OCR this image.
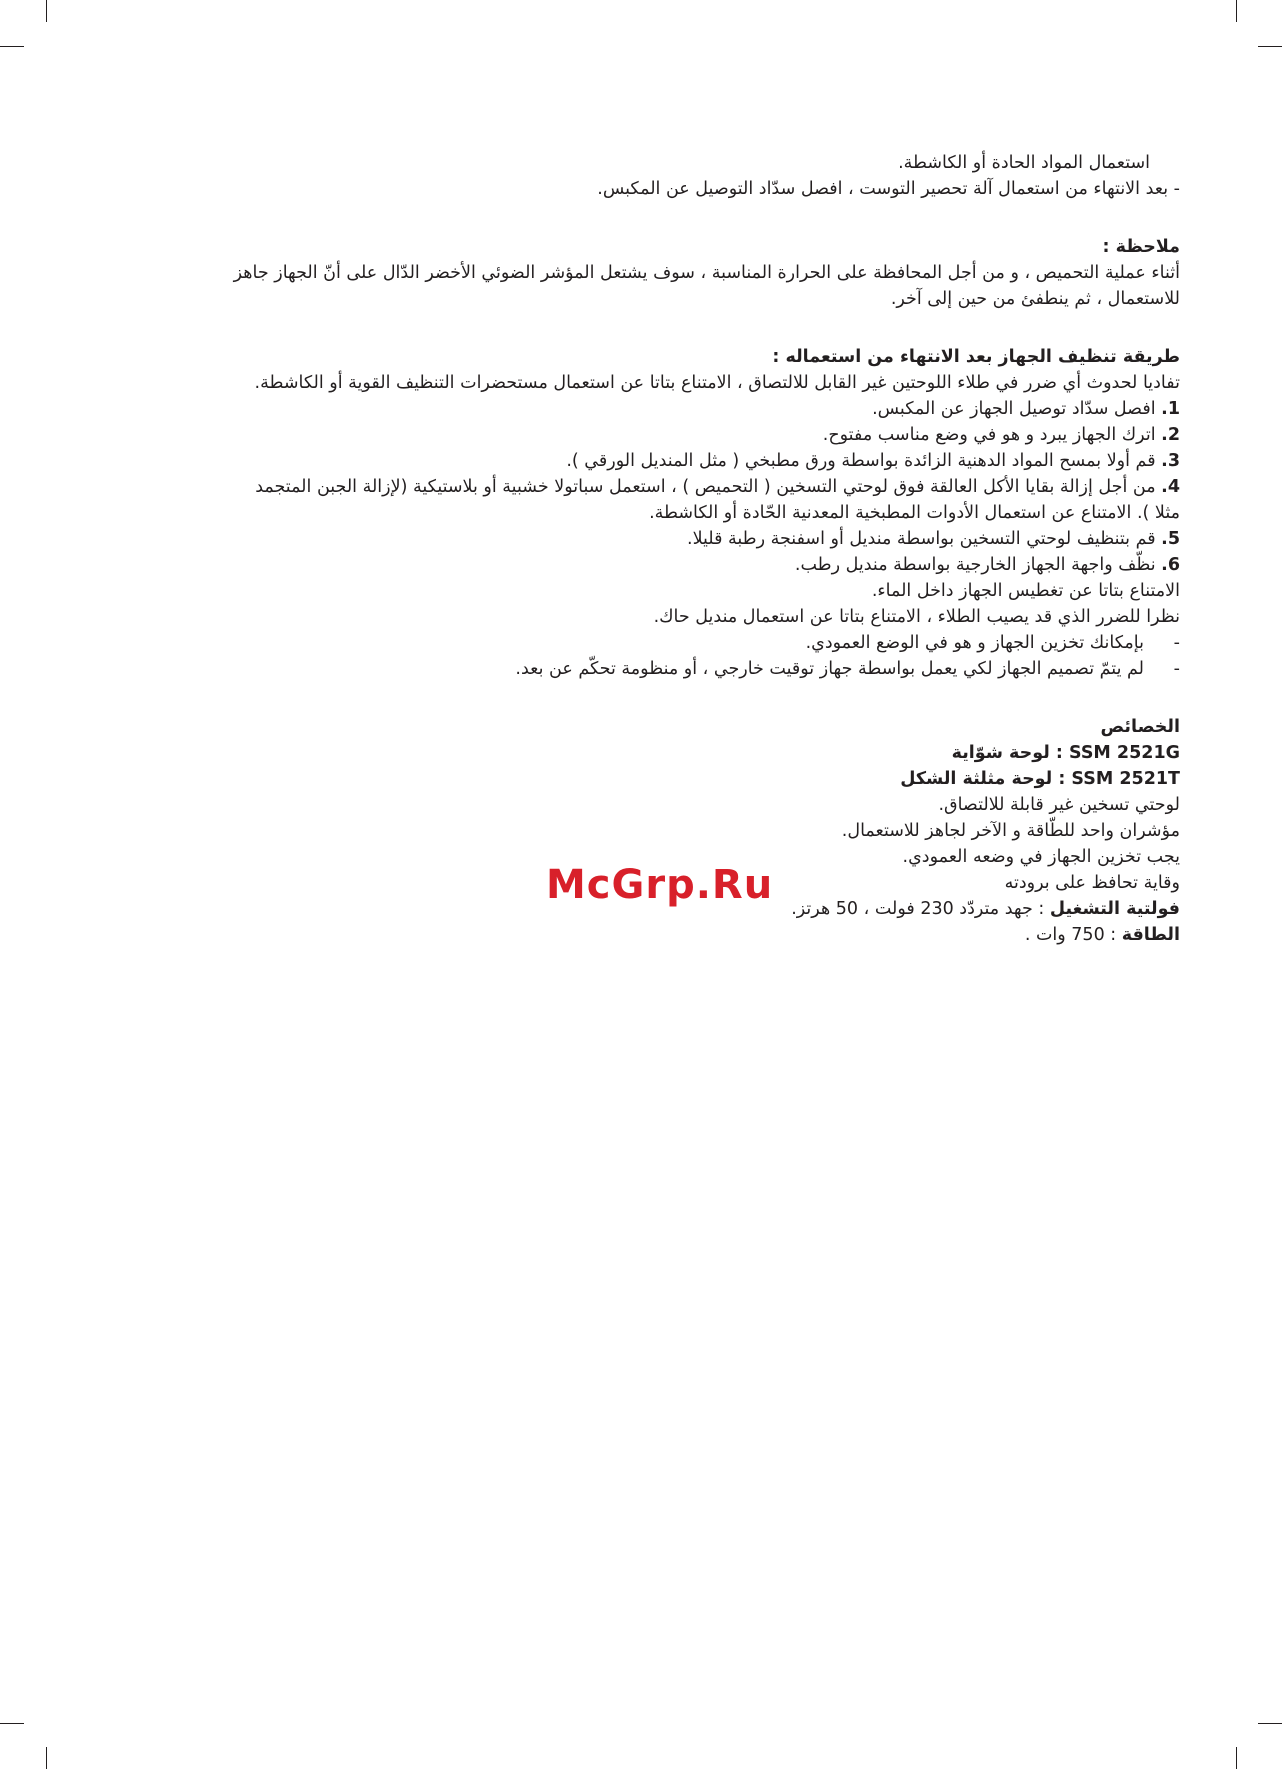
استعمال المواد الحادة أو الكاشطة.
- بعد الانتهاء من استعمال آلة تحصير التوست ، افصل سدّاد التوصيل عن المكبس.
ملاحظة :
أثناء عملية التحميص ، و من أجل المحافظة على الحرارة المناسبة ، سوف يشتعل المؤشر الضوئي الأخضر الدّال على أنّ الجهاز جاهز
للاستعمال ، ثم ينطفئ من حين إلى آخر.
طريقة تنظيف الجهاز بعد الانتهاء من استعماله :
تفاديا لحدوث أي ضرر في طلاء اللوحتين غير القابل للالتصاق ، الامتناع بتاتا عن استعمال مستحضرات التنظيف القوية أو الكاشطة.
1. افصل سدّاد توصيل الجهاز عن المكبس.
2. اترك الجهاز يبرد و هو في وضع مناسب مفتوح.
3. قم أولا بمسح المواد الدهنية الزائدة بواسطة ورق مطبخي ( مثل المنديل الورقي ).
4. من أجل إزالة بقايا الأكل العالقة فوق لوحتي التسخين ( التحميص ) ، استعمل سباتولا خشبية أو بلاستيكية (لإزالة الجبن المتجمد
مثلا ). الامتناع عن استعمال الأدوات المطبخية المعدنية الحّادة أو الكاشطة.
5. قم بتنظيف لوحتي التسخين بواسطة منديل أو اسفنجة رطبة قليلا.
6. نظّف واجهة الجهاز الخارجية بواسطة منديل رطب.
الامتناع بتاتا عن تغطيس الجهاز داخل الماء.
نظرا للضرر الذي قد يصيب الطلاء ، الامتناع بتاتا عن استعمال منديل حاك.
-بإمكانك تخزين الجهاز و هو في الوضع العمودي.
-لم يتمّ تصميم الجهاز لكي يعمل بواسطة جهاز توقيت خارجي ، أو منظومة تحكّم عن بعد.
الخصائص
SSM 2521G : لوحة شوّاية
SSM 2521T : لوحة مثلثة الشكل
لوحتي تسخين غير قابلة للالتصاق.
مؤشران واحد للطّاقة و الآخر لجاهز للاستعمال.
يجب تخزين الجهاز في وضعه العمودي.
وقاية تحافظ على برودته
فولتية التشغيل : جهد متردّد 230 فولت ، 50 هرتز.
الطاقة : 750 وات .
McGrp.Ru
